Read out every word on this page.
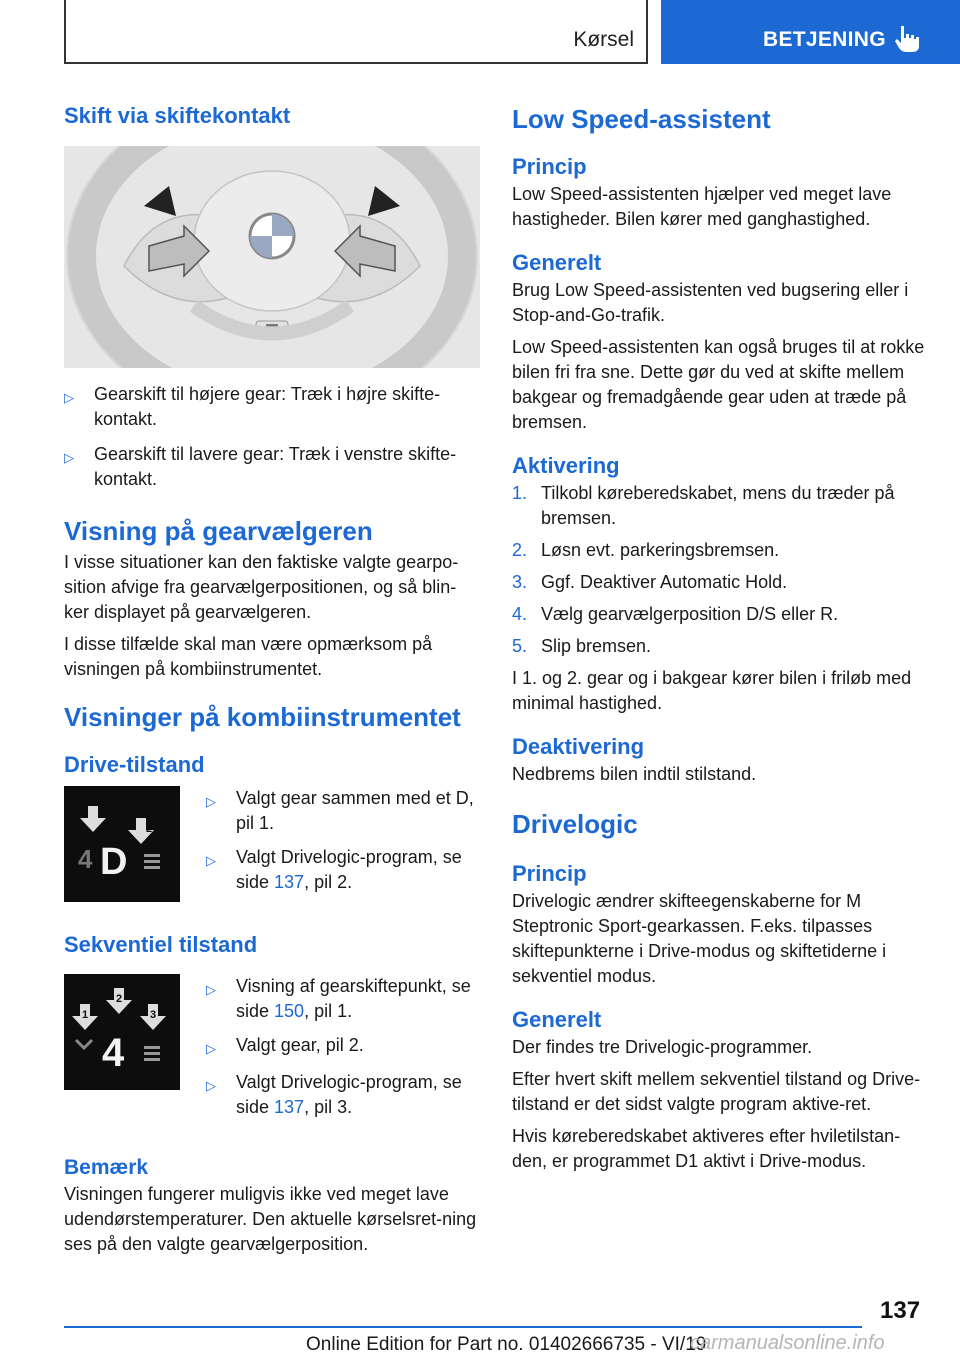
Kørsel	BETJENING
Skift via skiftekontakt
▷	Gearskift til højere gear: Træk i højre skifte-kontakt.
▷	Gearskift til lavere gear: Træk i venstre skifte-kontakt.
Visning på gearvælgeren

I visse situationer kan den faktiske valgte gearpo-sition afvige fra gearvælgerpositionen, og så blin-ker displayet på gearvælgeren.

I disse tilfælde skal man være opmærksom på visningen på kombiinstrumentet.

Visninger på kombiinstrumentet
Drive-tilstand
2
4 D
▷	Valgt gear sammen med et D, pil 1.
▷	Valgt Drivelogic-program, se side 137, pil 2.
Sekventiel tilstand
1
2
3
4
▷	Visning af gearskiftepunkt, se side 150, pil 1.
▷	Valgt gear, pil 2.
▷	Valgt Drivelogic-program, se side 137, pil 3.
Bemærk

Visningen fungerer muligvis ikke ved meget lave udendørstemperaturer. Den aktuelle kørselsret-ning ses på den valgte gearvælgerposition.

Low Speed-assistent
Princip

Low Speed-assistenten hjælper ved meget lave hastigheder. Bilen kører med ganghastighed.

Generelt

Brug Low Speed-assistenten ved bugsering eller i Stop-and-Go-trafik.

Low Speed-assistenten kan også bruges til at rokke bilen fri fra sne. Dette gør du ved at skifte mellem bakgear og fremadgående gear uden at træde på bremsen.

Aktivering
1. Tilkobl køreberedskabet, mens du træder på bremsen.
2. Løsn evt. parkeringsbremsen.
3. Ggf. Deaktiver Automatic Hold.
4. Vælg gearvælgerposition D/S eller R.
5. Slip bremsen.

I 1. og 2. gear og i bakgear kører bilen i friløb med minimal hastighed.

Deaktivering

Nedbrems bilen indtil stilstand.

Drivelogic
Princip

Drivelogic ændrer skifteegenskaberne for M Steptronic Sport-gearkassen. F.eks. tilpasses skiftepunkterne i Drive-modus og skiftetiderne i sekventiel modus.

Generelt

Der findes tre Drivelogic-programmer.

Efter hvert skift mellem sekventiel tilstand og Drive-tilstand er det sidst valgte program aktive-ret.

Hvis køreberedskabet aktiveres efter hviletilstan-den, er programmet D1 aktivt i Drive-modus.

137
Online Edition for Part no. 01402666735 - VI/19
carmanualsonline.info
